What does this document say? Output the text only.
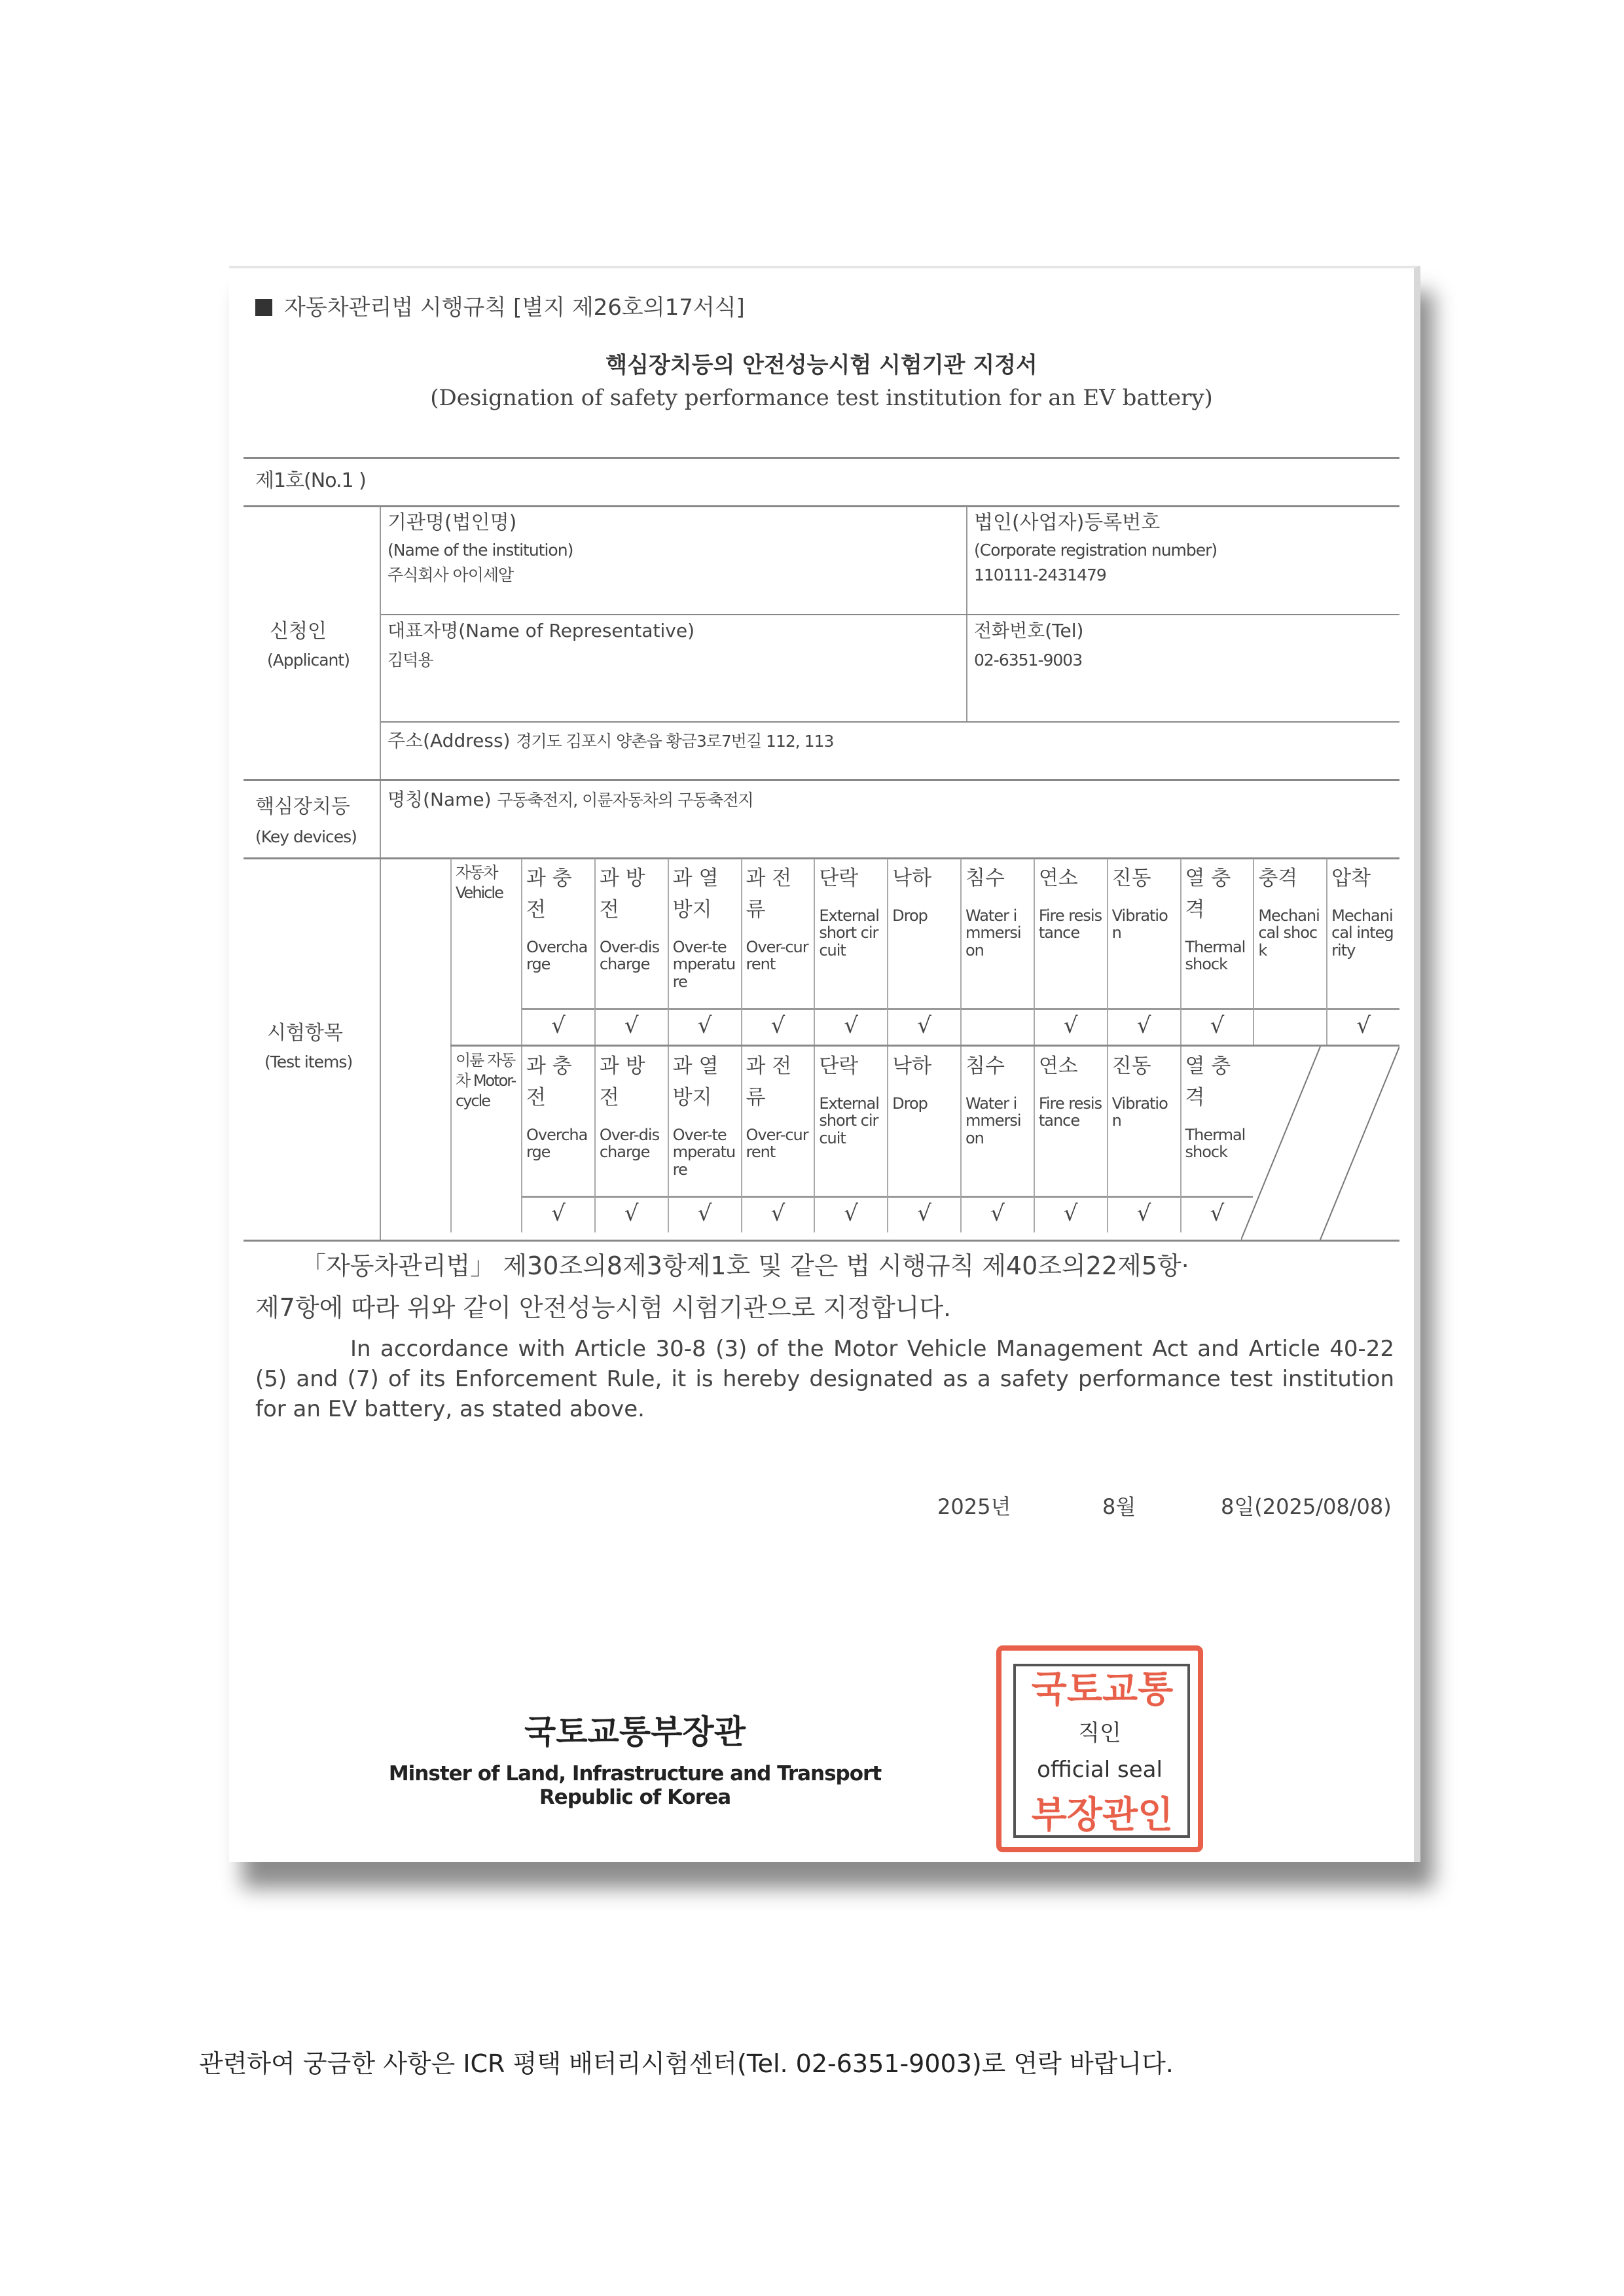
자동차관리법 시행규칙 [별지 제26호의17서식]
핵심장치등의 안전성능시험 시험기관 지정서
(Designation of safety performance test institution for an EV battery)
제1호(No.1 )
신청인
(Applicant)
기관명(법인명)
(Name of the institution)
주식회사 아이세알
법인(사업자)등록번호
(Corporate registration number)
110111-2431479
대표자명(Name of Representative)
김덕용
전화번호(Tel)
02-6351-9003
주소(Address) 경기도 김포시 양촌읍 황금3로7번길 112, 113
핵심장치등
(Key devices)
명칭(Name) 구동축전지, 이륜자동차의 구동축전지
시험항목
(Test items)
자동차 Vehicle
과 충 전
Overcharge
√
과 방 전
Over-discharge
√
과 열 방지
Over-temperature
√
과 전 류
Over-current
√
단락
External short circuit
√
낙하
Drop
√
침수
Water immersion
연소
Fire resistance
√
진동
Vibration
√
열 충 격
Thermal shock
√
충격
Mechanical shock
압착
Mechanical integrity
√
이륜 자동차 Motor-cycle
과 충 전
Overcharge
√
과 방 전
Over-discharge
√
과 열 방지
Over-temperature
√
과 전 류
Over-current
√
단락
External short circuit
√
낙하
Drop
√
침수
Water immersion
√
연소
Fire resistance
√
진동
Vibration
√
열 충 격
Thermal shock
√
「자동차관리법」 제30조의8제3항제1호 및 같은 법 시행규칙 제40조의22제5항·
제7항에 따라 위와 같이 안전성능시험 시험기관으로 지정합니다.
In accordance with Article 30-8 (3) of the Motor Vehicle Management Act and Article 40-22 (5) and (7) of its Enforcement Rule, it is hereby designated as a safety performance test institution for an EV battery, as stated above.
2025년	8월	8일(2025/08/08)
국토교통부장관
Minster of Land, Infrastructure and Transport
Republic of Korea
국토교통
직인
official seal
부장관인
관련하여 궁금한 사항은 ICR 평택 배터리시험센터(Tel. 02-6351-9003)로 연락 바랍니다.
